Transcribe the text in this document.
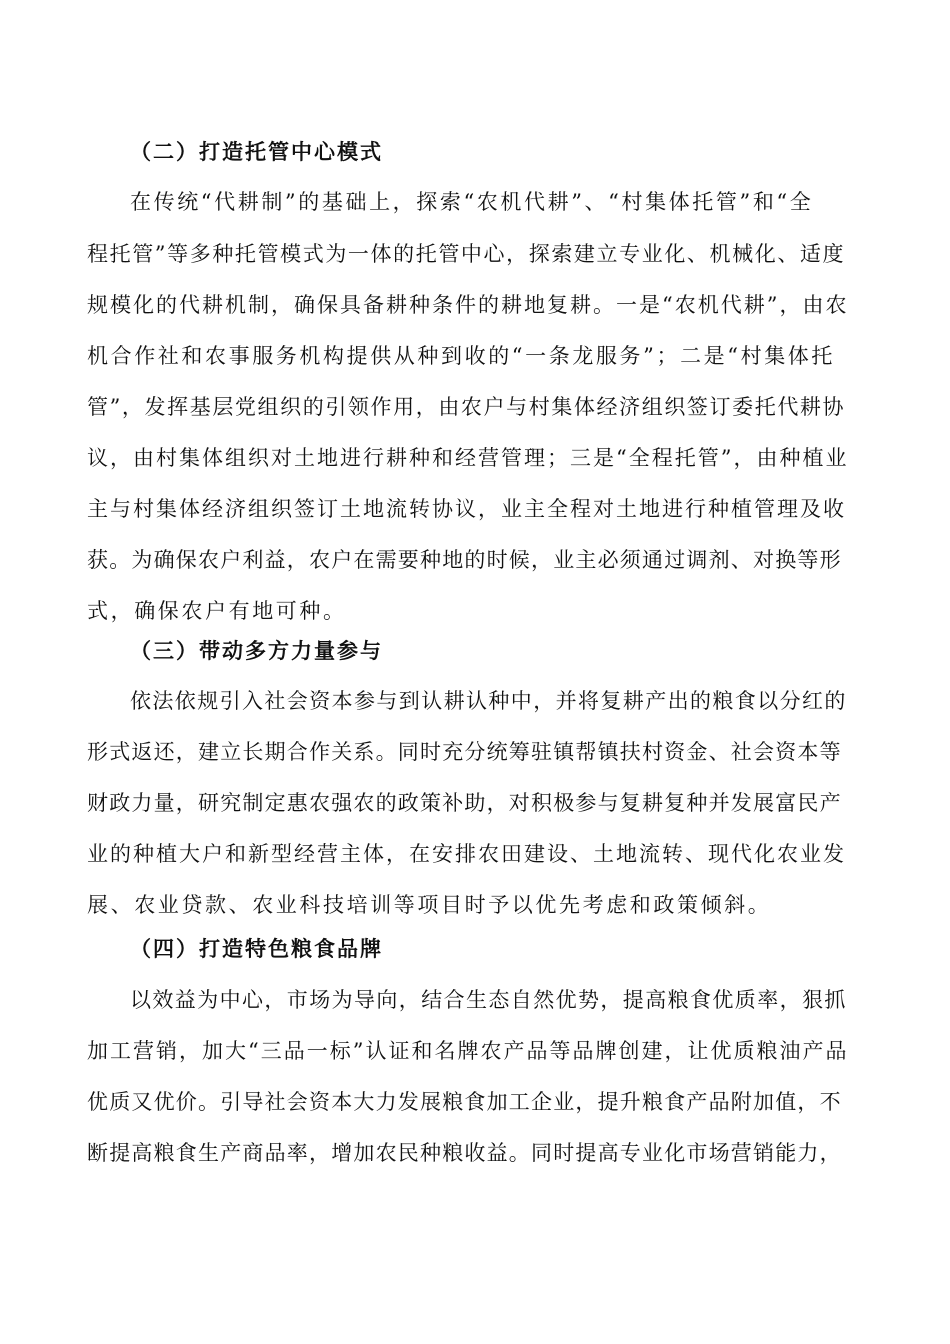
（二）打造托管中心模式
在传统“代耕制”的基础上，探索“农机代耕”、“村集体托管”和“全
程托管”等多种托管模式为一体的托管中心，探索建立专业化、机械化、适度
规模化的代耕机制，确保具备耕种条件的耕地复耕。一是“农机代耕”，由农
机合作社和农事服务机构提供从种到收的“一条龙服务”；二是“村集体托
管”，发挥基层党组织的引领作用，由农户与村集体经济组织签订委托代耕协
议，由村集体组织对土地进行耕种和经营管理；三是“全程托管”，由种植业
主与村集体经济组织签订土地流转协议，业主全程对土地进行种植管理及收
获。为确保农户利益，农户在需要种地的时候，业主必须通过调剂、对换等形
式，确保农户有地可种。
（三）带动多方力量参与
依法依规引入社会资本参与到认耕认种中，并将复耕产出的粮食以分红的
形式返还，建立长期合作关系。同时充分统筹驻镇帮镇扶村资金、社会资本等
财政力量，研究制定惠农强农的政策补助，对积极参与复耕复种并发展富民产
业的种植大户和新型经营主体，在安排农田建设、土地流转、现代化农业发
展、农业贷款、农业科技培训等项目时予以优先考虑和政策倾斜。
（四）打造特色粮食品牌
以效益为中心，市场为导向，结合生态自然优势，提高粮食优质率，狠抓
加工营销，加大“三品一标”认证和名牌农产品等品牌创建，让优质粮油产品
优质又优价。引导社会资本大力发展粮食加工企业，提升粮食产品附加值，不
断提高粮食生产商品率，增加农民种粮收益。同时提高专业化市场营销能力，
